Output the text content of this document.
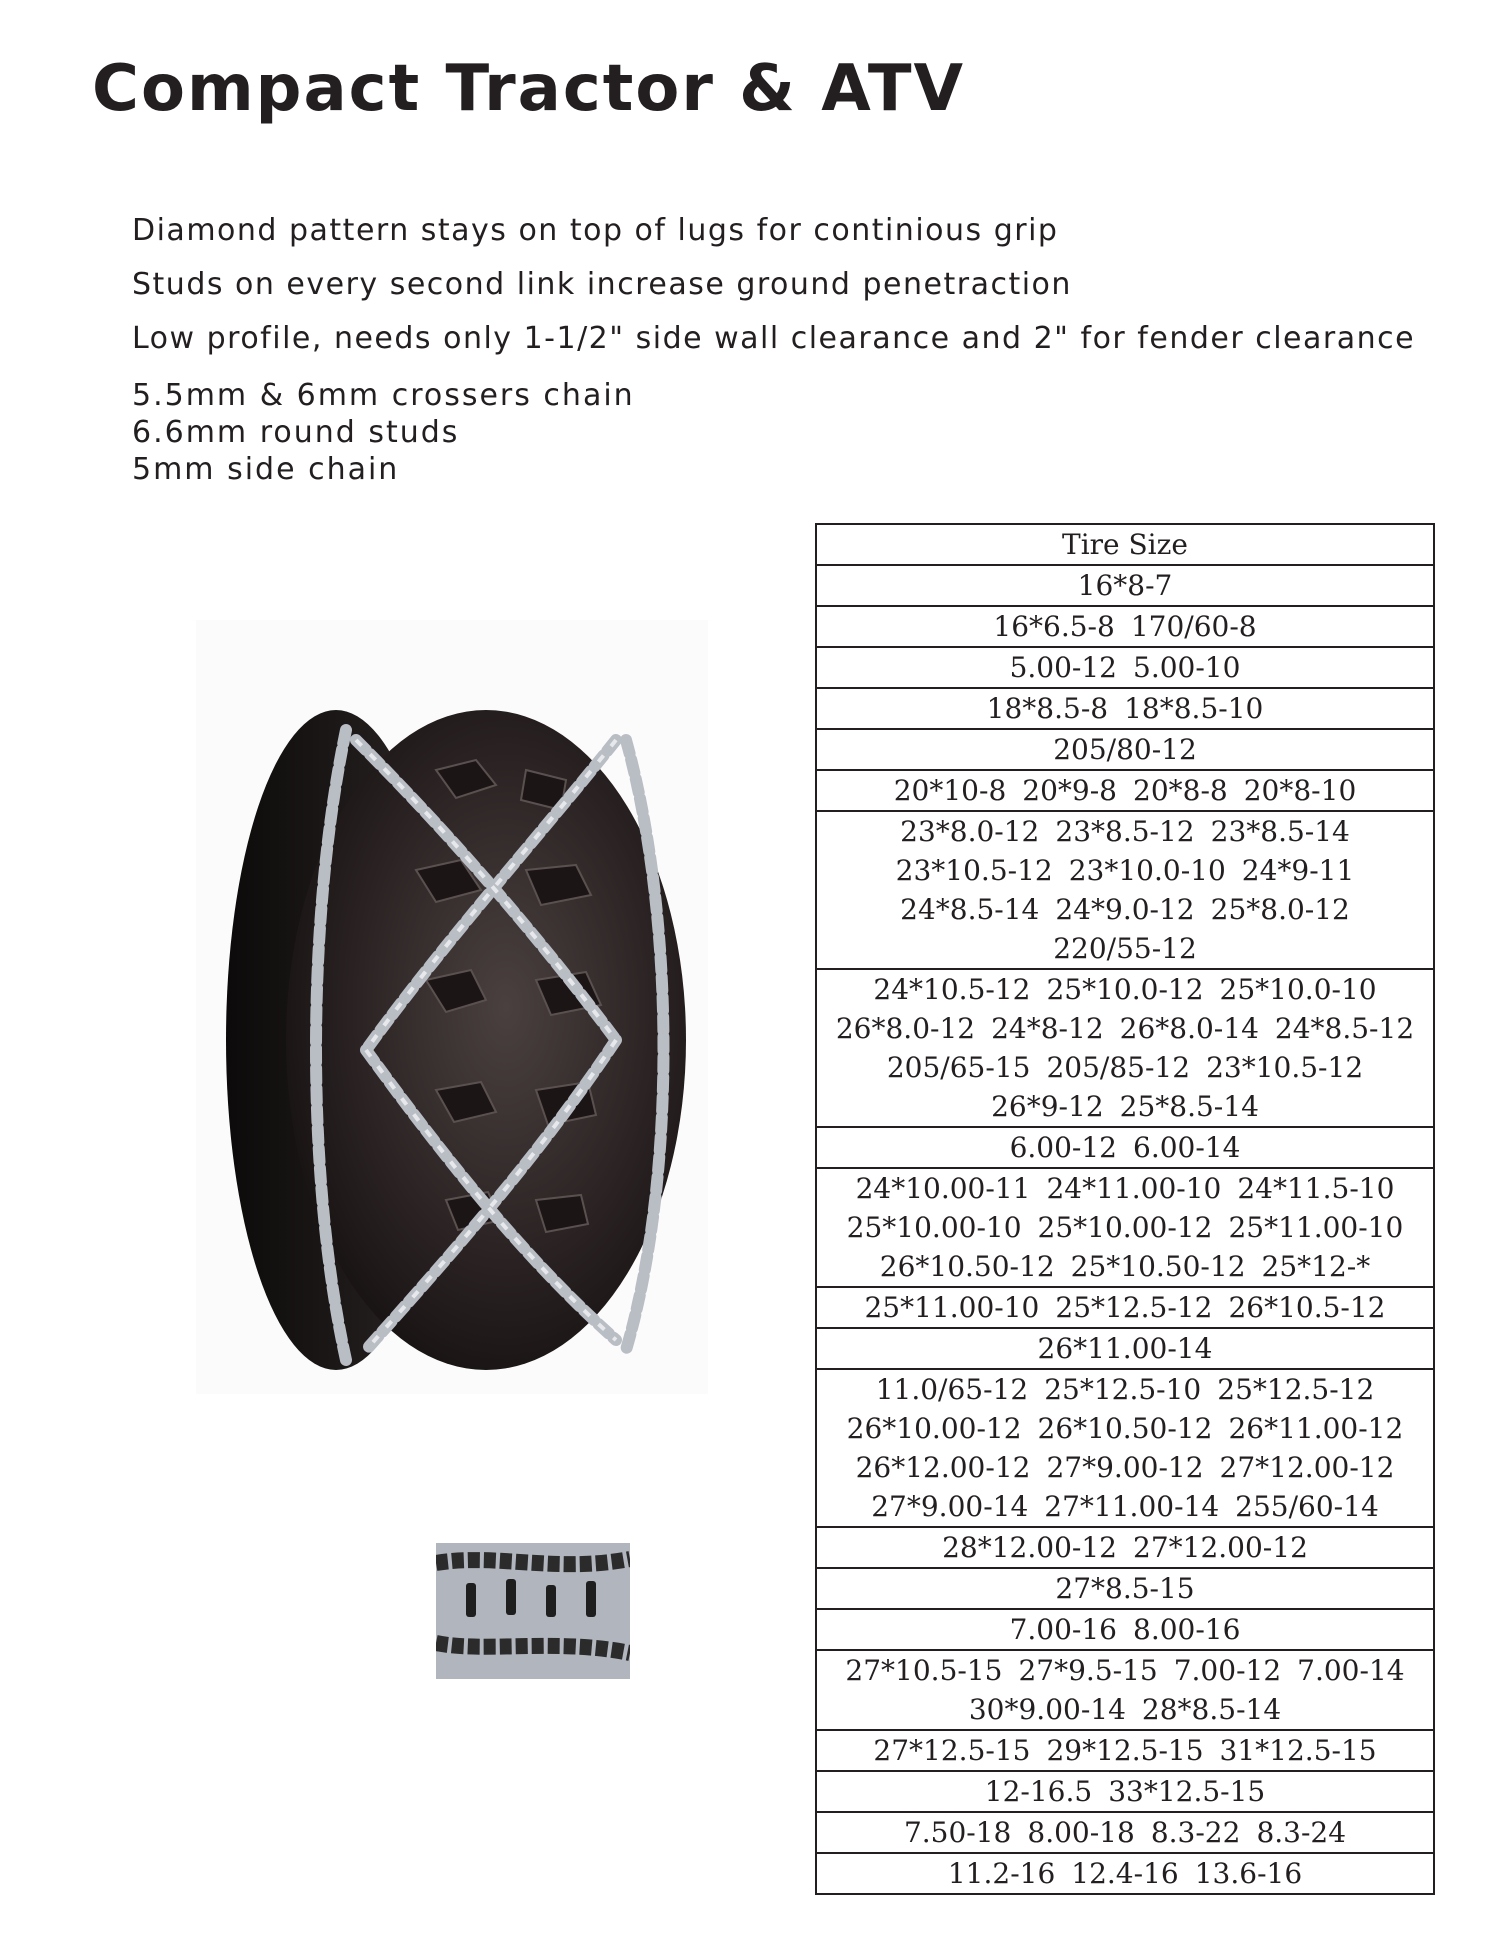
Compact Tractor & ATV
Diamond pattern stays on top of lugs for continious grip
Studs on every second link increase ground penetraction
Low profile, needs only 1-1/2" side wall clearance and 2" for fender clearance
5.5mm & 6mm crossers chain
6.6mm round studs
5mm side chain
Tire Size
16*8-7
16*6.5-8 170/60-8
5.00-12 5.00-10
18*8.5-8 18*8.5-10
205/80-12
20*10-8 20*9-8 20*8-8 20*8-10
23*8.0-12 23*8.5-12 23*8.5-1423*10.5-12 23*10.0-10 24*9-1124*8.5-14 24*9.0-12 25*8.0-12220/55-12
24*10.5-12 25*10.0-12 25*10.0-1026*8.0-12 24*8-12 26*8.0-14 24*8.5-12205/65-15 205/85-12 23*10.5-1226*9-12 25*8.5-14
6.00-12 6.00-14
24*10.00-11 24*11.00-10 24*11.5-1025*10.00-10 25*10.00-12 25*11.00-1026*10.50-12 25*10.50-12 25*12-*
25*11.00-10 25*12.5-12 26*10.5-12
26*11.00-14
11.0/65-12 25*12.5-10 25*12.5-1226*10.00-12 26*10.50-12 26*11.00-1226*12.00-12 27*9.00-12 27*12.00-1227*9.00-14 27*11.00-14 255/60-14
28*12.00-12 27*12.00-12
27*8.5-15
7.00-16 8.00-16
27*10.5-15 27*9.5-15 7.00-12 7.00-1430*9.00-14 28*8.5-14
27*12.5-15 29*12.5-15 31*12.5-15
12-16.5 33*12.5-15
7.50-18 8.00-18 8.3-22 8.3-24
11.2-16 12.4-16 13.6-16
